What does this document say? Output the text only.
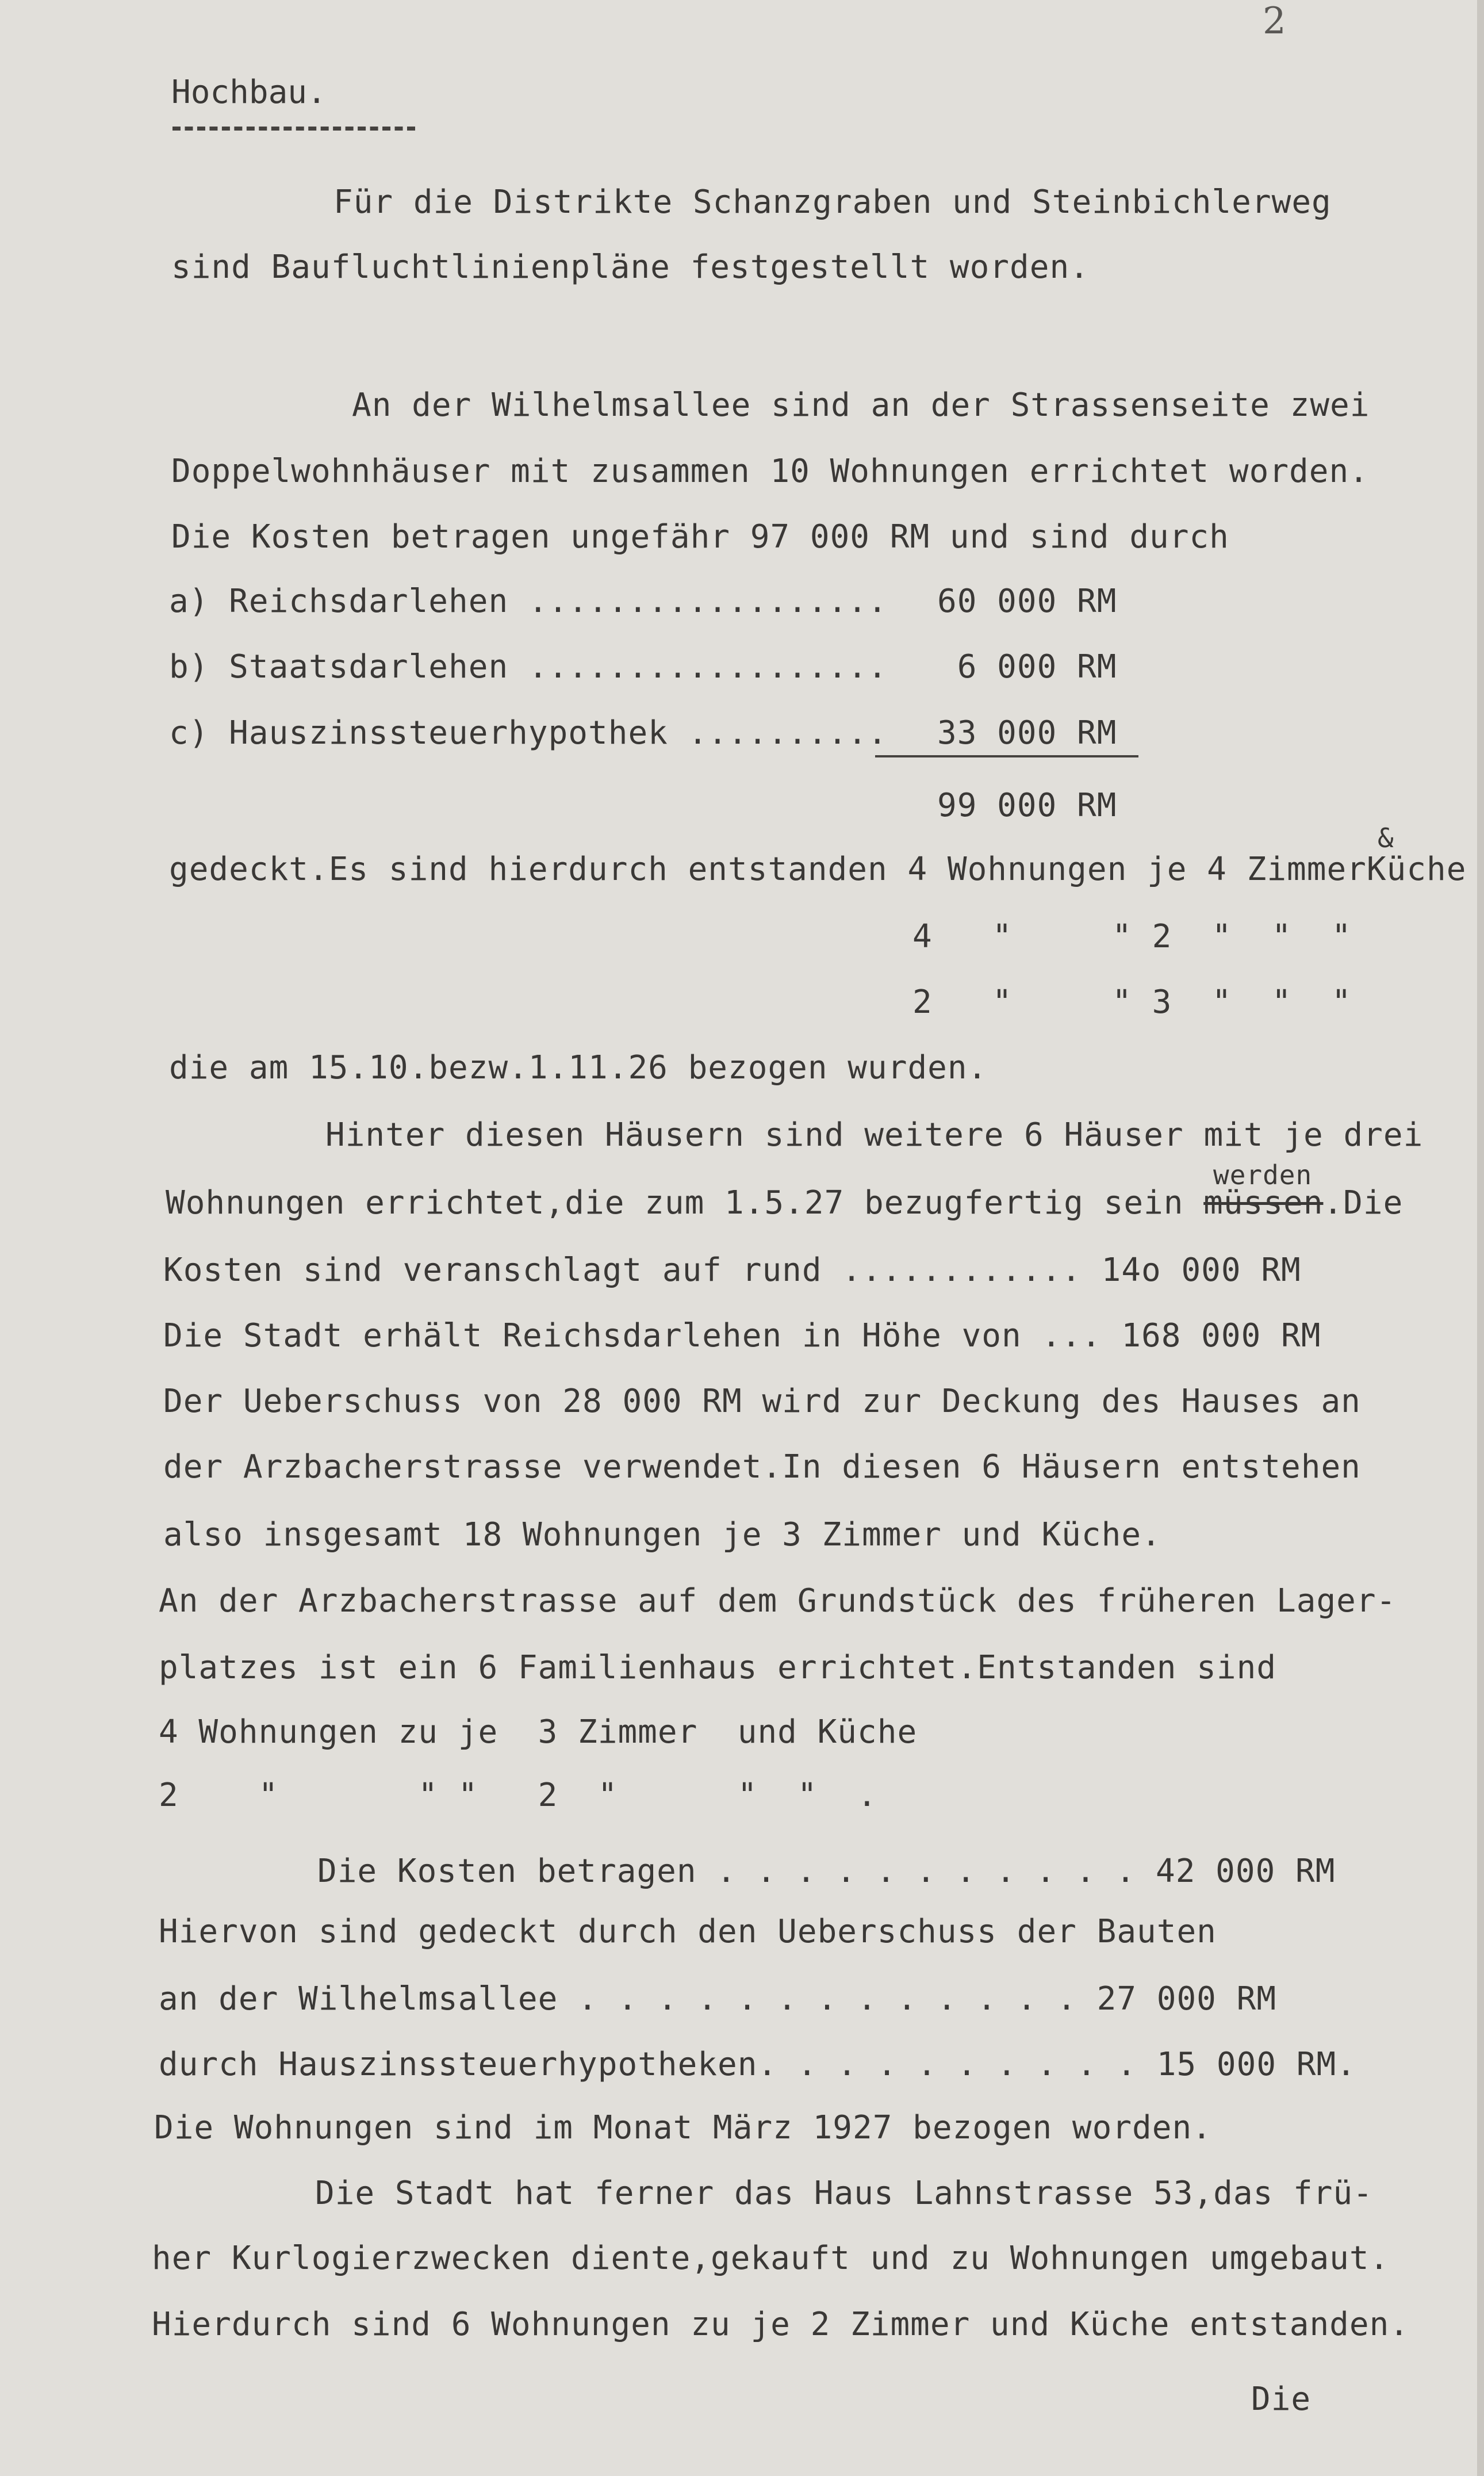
2
Hochbau.
Für die Distrikte Schanzgraben und Steinbichlerweg
sind Baufluchtlinienpläne festgestellt worden.
An der Wilhelmsallee sind an der Strassenseite zwei
Doppelwohnhäuser mit zusammen 10 Wohnungen errichtet worden.
Die Kosten betragen ungefähr 97 000 RM und sind durch
a) Reichsdarlehen .................. 60 000 RM
b) Staatsdarlehen .................. 6 000 RM
c) Hauszinssteuerhypothek .......... 33 000 RM
99 000 RM
&
gedeckt.Es sind hierdurch entstanden 4 Wohnungen je 4 ZimmerKüche
4   "     " 2  "  "  "
2   "     " 3  "  "  "
die am 15.10.bezw.1.11.26 bezogen wurden.
Hinter diesen Häusern sind weitere 6 Häuser mit je drei
werden
Wohnungen errichtet,die zum 1.5.27 bezugfertig sein müssen.Die
Kosten sind veranschlagt auf rund ............ 14o 000 RM
Die Stadt erhält Reichsdarlehen in Höhe von ... 168 000 RM
Der Ueberschuss von 28 000 RM wird zur Deckung des Hauses an
der Arzbacherstrasse verwendet.In diesen 6 Häusern entstehen
also insgesamt 18 Wohnungen je 3 Zimmer und Küche.
An der Arzbacherstrasse auf dem Grundstück des früheren Lager-
platzes ist ein 6 Familienhaus errichtet.Entstanden sind
4 Wohnungen zu je  3 Zimmer  und Küche
2    "       " "   2  "      "  "  .
Die Kosten betragen . . . . . . . . . . . 42 000 RM
Hiervon sind gedeckt durch den Ueberschuss der Bauten
an der Wilhelmsallee . . . . . . . . . . . . . 27 000 RM
durch Hauszinssteuerhypotheken. . . . . . . . . . 15 000 RM.
Die Wohnungen sind im Monat März 1927 bezogen worden.
Die Stadt hat ferner das Haus Lahnstrasse 53,das frü-
her Kurlogierzwecken diente,gekauft und zu Wohnungen umgebaut.
Hierdurch sind 6 Wohnungen zu je 2 Zimmer und Küche entstanden.
Die
